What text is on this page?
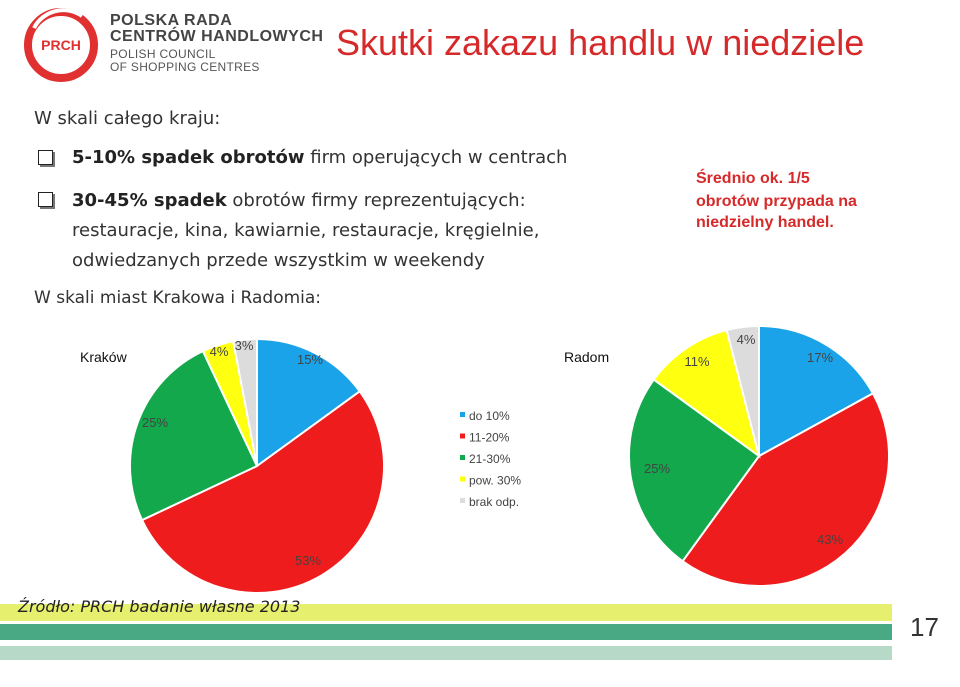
PRCH
POLSKA RADA
CENTRÓW HANDLOWYCH
POLISH COUNCIL
OF SHOPPING CENTRES
Skutki zakazu handlu w niedziele
W skali całego kraju:
5-10% spadek obrotów firm operujących w centrach
30-45% spadek obrotów firmy reprezentujących:
restauracje, kina, kawiarnie, restauracje, kręgielnie,
odwiedzanych przede wszystkim w weekendy
W skali miast Krakowa i Radomia:
Średnio ok. 1/5
obrotów przypada na
niedzielny handel.
15%
53%
25%
4% 3%
Kraków	17%
43%
25%
11%
4%
Radom
do 10%
11-20%
21-30%
pow. 30%
brak odp.
Źródło: PRCH badanie własne 2013
17
